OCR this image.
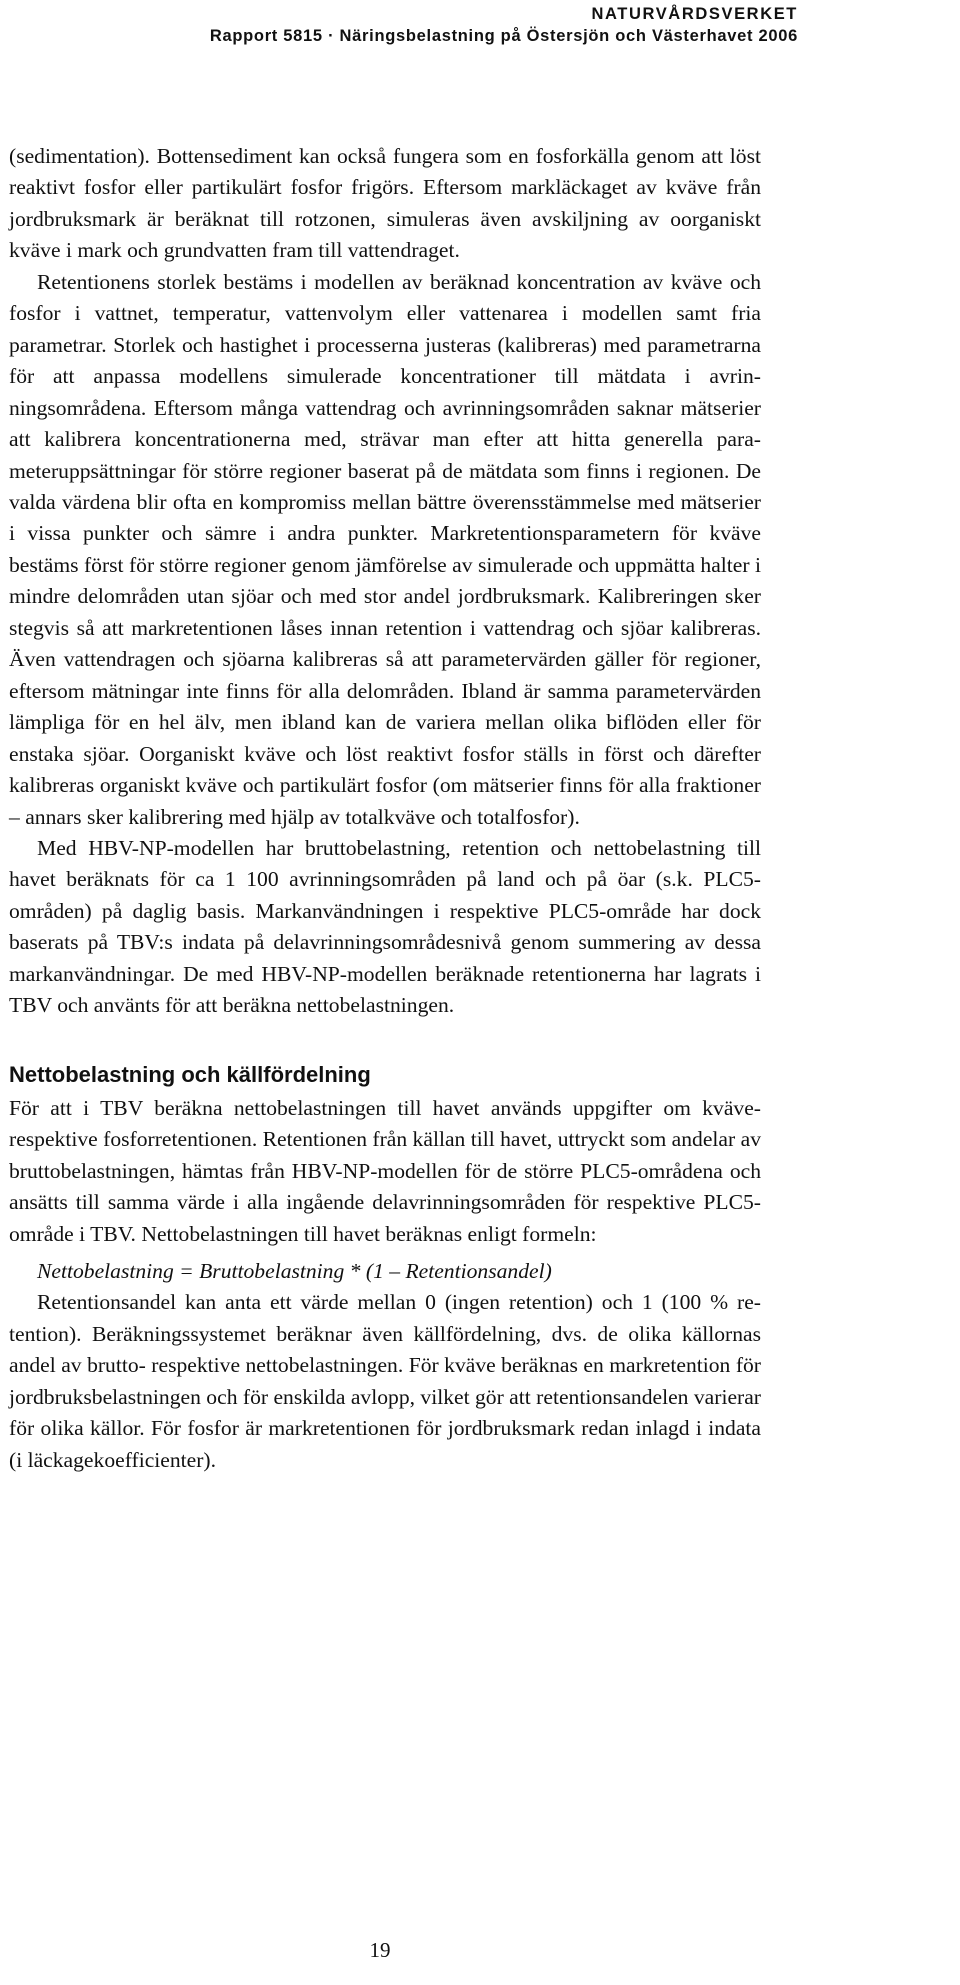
NATURVÅRDSVERKET
Rapport 5815 · Näringsbelastning på Östersjön och Västerhavet 2006

(sedimentation). Bottensediment kan också fungera som en fosforkälla genom att löst reaktivt fosfor eller partikulärt fosfor frigörs. Eftersom markläckaget av kväve från jordbruksmark är beräknat till rotzonen, simuleras även avskiljning av oorganiskt kväve i mark och grundvatten fram till vattendraget.

Retentionens storlek bestäms i modellen av beräknad koncentration av kväve och fosfor i vattnet, temperatur, vattenvolym eller vattenarea i modellen samt fria parametrar. Storlek och hastighet i processerna justeras (kalibreras) med parametrarna för att anpassa modellens simulerade koncentrationer till mätdata i avrinningsområdena. Eftersom många vattendrag och avrinningsområden saknar mätserier att kalibrera koncentrationerna med, strävar man efter att hitta generella parameteruppsättningar för större regioner baserat på de mätdata som finns i regionen. De valda värdena blir ofta en kompromiss mellan bättre överensstämmelse med mätserier i vissa punkter och sämre i andra punkter. Markretentionsparametern för kväve bestäms först för större regioner genom jämförelse av simulerade och uppmätta halter i mindre delområden utan sjöar och med stor andel jordbruksmark. Kalibreringen sker stegvis så att markretentionen låses innan retention i vattendrag och sjöar kalibreras. Även vattendragen och sjöarna kalibreras så att parametervärden gäller för regioner, eftersom mätningar inte finns för alla delområden. Ibland är samma parametervärden lämpliga för en hel älv, men ibland kan de variera mellan olika biflöden eller för enstaka sjöar. Oorganiskt kväve och löst reaktivt fosfor ställs in först och därefter kalibreras organiskt kväve och partikulärt fosfor (om mätserier finns för alla fraktioner – annars sker kalibrering med hjälp av totalkväve och totalfosfor).

Med HBV-NP-modellen har bruttobelastning, retention och nettobelastning till havet beräknats för ca 1 100 avrinningsområden på land och på öar (s.k. PLC5-områden) på daglig basis. Markanvändningen i respektive PLC5-område har dock baserats på TBV:s indata på delavrinningsområdesnivå genom summering av dessa markanvändningar. De med HBV-NP-modellen beräknade retentionerna har lagrats i TBV och använts för att beräkna nettobelastningen.

Nettobelastning och källfördelning

För att i TBV beräkna nettobelastningen till havet används uppgifter om kväve-respektive fosforretentionen. Retentionen från källan till havet, uttryckt som andelar av bruttobelastningen, hämtas från HBV-NP-modellen för de större PLC5-områdena och ansätts till samma värde i alla ingående delavrinningsområden för respektive PLC5-område i TBV. Nettobelastningen till havet beräknas enligt formeln:

Nettobelastning = Bruttobelastning * (1 – Retentionsandel)

Retentionsandel kan anta ett värde mellan 0 (ingen retention) och 1 (100 % retention). Beräkningssystemet beräknar även källfördelning, dvs. de olika källornas andel av brutto- respektive nettobelastningen. För kväve beräknas en markretention för jordbruksbelastningen och för enskilda avlopp, vilket gör att retentionsandelen varierar för olika källor. För fosfor är markretentionen för jordbruksmark redan inlagd i indata (i läckagekoefficienter).

19
